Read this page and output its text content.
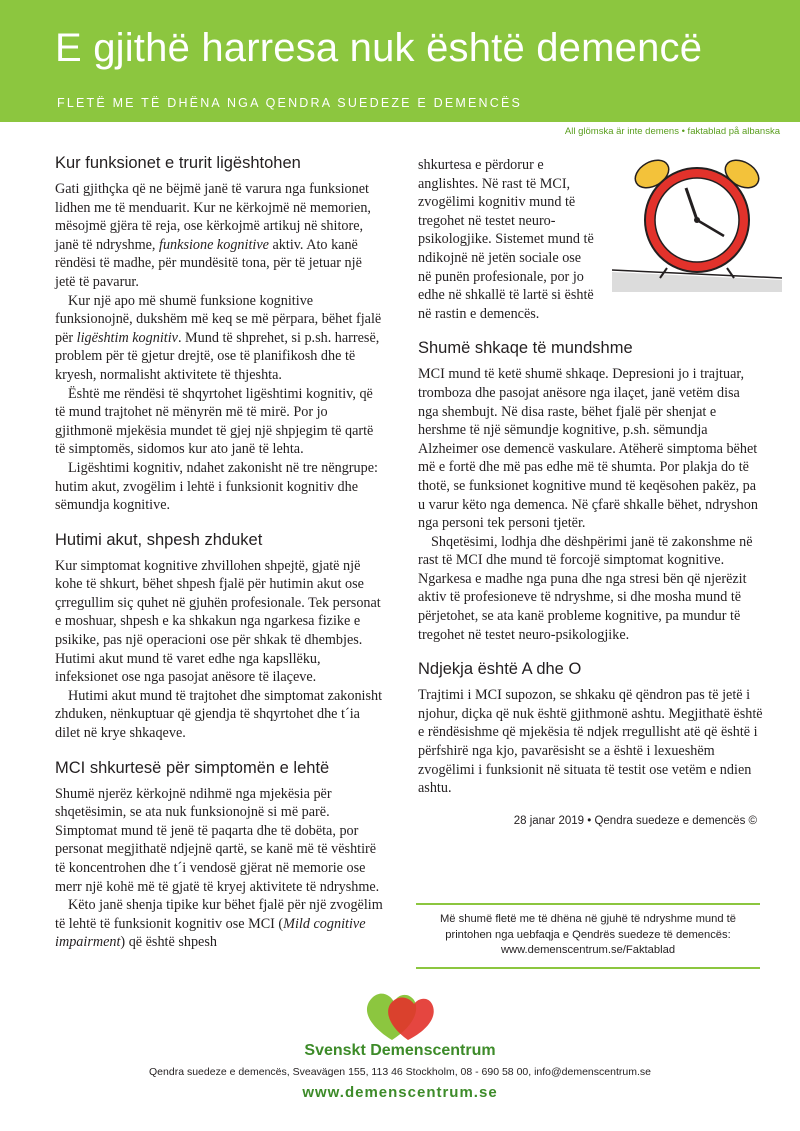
E gjithë harresa nuk është demencë
FLETË ME TË DHËNA NGA QENDRA SUEDEZE E DEMENCËS
All glömska är inte demens • faktablad på albanska
Kur funksionet e trurit ligështohen

Gati gjithçka që ne bëjmë janë të varura nga funksionet lidhen me të menduarit. Kur ne kërkojmë në memorien, mësojmë gjëra të reja, ose kërkojmë artikuj në shitore, janë të ndryshme, funksione kognitive aktiv. Ato kanë rëndësi të madhe, për mundësitë tona, për të jetuar një jetë të pavarur.

Kur një apo më shumë funksione kognitive funksionojnë, dukshëm më keq se më përpara, bëhet fjalë për ligështim kognitiv. Mund të shprehet, si p.sh. harresë, problem për të gjetur drejtë, ose të planifikosh dhe të kryesh, normalisht aktivitete të thjeshta.

Është me rëndësi të shqyrtohet ligështimi kognitiv, që të mund trajtohet në mënyrën më të mirë. Por jo gjithmonë mjekësia mundet të gjej një shpjegim të qartë të simptomës, sidomos kur ato janë të lehta.

Ligështimi kognitiv, ndahet zakonisht në tre nëngrupe: hutim akut, zvogëlim i lehtë i funksionit kognitiv dhe sëmundja kognitive.

Hutimi akut, shpesh zhduket

Kur simptomat kognitive zhvillohen shpejtë, gjatë një kohe të shkurt, bëhet shpesh fjalë për hutimin akut ose çrregullim siç quhet në gjuhën profesionale. Tek personat e moshuar, shpesh e ka shkakun nga ngarkesa fizike e psikike, pas një operacioni ose për shkak të dhembjes. Hutimi akut mund të varet edhe nga kapsllëku, infeksionet ose nga pasojat anësore të ilaçeve.

Hutimi akut mund të trajtohet dhe simptomat zakonisht zhduken, nënkuptuar që gjendja të shqyrtohet dhe t´ia dilet në krye shkaqeve.

MCI shkurtesë për simptomën e lehtë

Shumë njerëz kërkojnë ndihmë nga mjekësia për shqetësimin, se ata nuk funksionojnë si më parë. Simptomat mund të jenë të paqarta dhe të dobëta, por personat megjithatë ndjejnë qartë, se kanë më të vështirë të koncentrohen dhe t´i vendosë gjërat në memorie ose merr një kohë më të gjatë të kryej aktivitete të ndryshme.

Këto janë shenja tipike kur bëhet fjalë për një zvogëlim të lehtë të funksionit kognitiv ose MCI (Mild cognitive impairment) që është shpesh

shkurtesa e përdorur e anglishtes. Në rast të MCI, zvogëlimi kognitiv mund të tregohet në testet neuro-psikologjike. Sistemet mund të ndikojnë në jetën sociale ose në punën profesionale, por jo edhe në shkallë të lartë si është në rastin e demencës.

Shumë shkaqe të mundshme

MCI mund të ketë shumë shkaqe. Depresioni jo i trajtuar, tromboza dhe pasojat anësore nga ilaçet, janë vetëm disa nga shembujt. Në disa raste, bëhet fjalë për shenjat e hershme të një sëmundje kognitive, p.sh. sëmundja Alzheimer ose demencë vaskulare. Atëherë simptoma bëhet më e fortë dhe më pas edhe më të shumta. Por plakja do të thotë, se funksionet kognitive mund të keqësohen pakëz, pa u varur këto nga demenca. Në çfarë shkalle bëhet, ndryshon nga personi tek personi tjetër.

Shqetësimi, lodhja dhe dëshpërimi janë të zakonshme në rast të MCI dhe mund të forcojë simptomat kognitive. Ngarkesa e madhe nga puna dhe nga stresi bën që njerëzit aktiv të profesioneve të ndryshme, si dhe mosha mund të përjetohet, se ata kanë probleme kognitive, pa mundur të tregohet në testet neuro-psikologjike.

Ndjekja është A dhe O

Trajtimi i MCI supozon, se shkaku që qëndron pas të jetë i njohur, diçka që nuk është gjithmonë ashtu. Megjithatë është e rëndësishme që mjekësia të ndjek rregullisht atë që është i përfshirë nga kjo, pavarësisht se a është i lexueshëm zvogëlimi i funksionit në situata të testit ose vetëm e ndien ashtu.

28 janar 2019 • Qendra suedeze e demencës ©
Më shumë fletë me të dhëna në gjuhë të ndryshme mund të
printohen nga uebfaqja e Qendrës suedeze të demencës:
www.demenscentrum.se/Faktablad
Svenskt Demenscentrum
Qendra suedeze e demencës, Sveavägen 155, 113 46 Stockholm, 08 - 690 58 00, info@demenscentrum.se
www.demenscentrum.se
